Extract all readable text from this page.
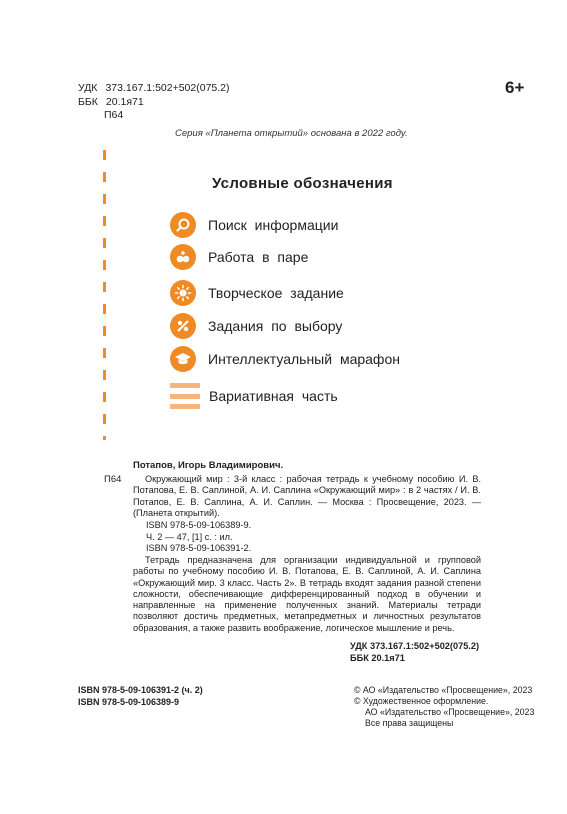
УДК 373.167.1:502+502(075.2)
ББК 20.1я71
П64
6+
Серия «Планета открытий» основана в 2022 году.
Условные обозначения
Поиск информации
Работа в паре
Творческое задание
Задания по выбору
Интеллектуальный марафон
Вариативная часть
Потапов, Игорь Владимирович.
П64	Окружающий мир : 3-й класс : рабочая тетрадь к учебному пособию И. В. Потапова, Е. В. Саплиной, А. И. Саплина «Окружающий мир» : в 2 частях / И. В. Потапов, Е. В. Саплина, А. И. Саплин. — Москва : Просвещение, 2023. — (Планета открытий).
ISBN 978-5-09-106389-9.
Ч. 2 — 47, [1] с. : ил.
ISBN 978-5-09-106391-2.
Тетрадь предназначена для организации индивидуальной и групповой работы по учебному пособию И. В. Потапова, Е. В. Саплиной, А. И. Саплина «Окружающий мир. 3 класс. Часть 2». В тетрадь входят задания разной степени сложности, обеспечивающие дифференцированный подход в обучении и направленные на применение полученных знаний. Материалы тетради позволяют достичь предметных, метапредметных и личностных результатов образования, а также развить воображение, логическое мышление и речь.
УДК 373.167.1:502+502(075.2)
ББК 20.1я71
ISBN 978-5-09-106391-2 (ч. 2)
ISBN 978-5-09-106389-9
© АО «Издательство «Просвещение», 2023
© Художественное оформление.
АО «Издательство «Просвещение», 2023
Все права защищены
